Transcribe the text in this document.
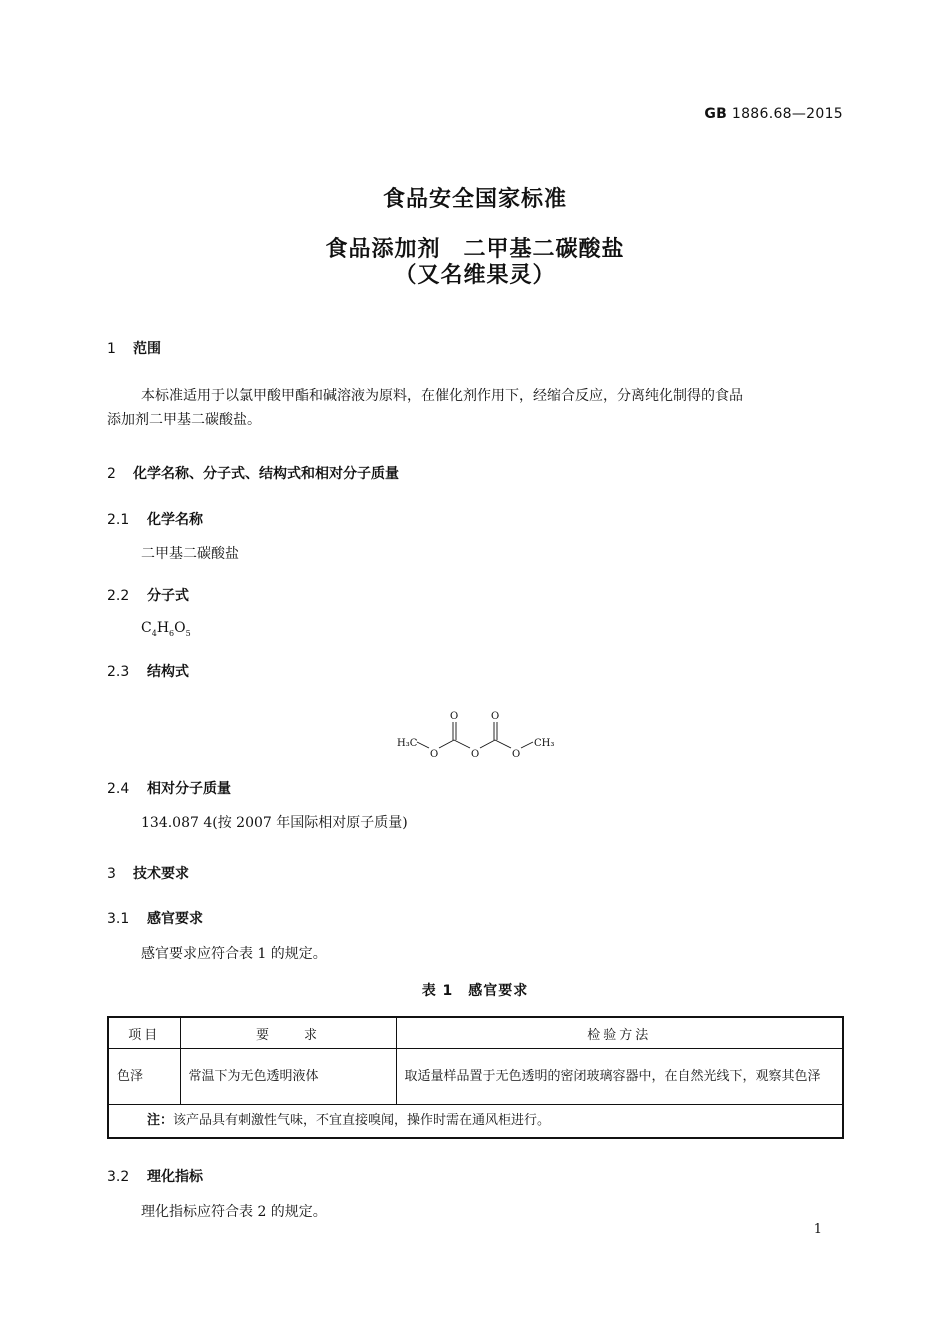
GB 1886.68—2015
食品安全国家标准
食品添加剂　二甲基二碳酸盐
（又名维果灵）
1 范围
本标准适用于以氯甲酸甲酯和碱溶液为原料，在催化剂作用下，经缩合反应，分离纯化制得的食品
添加剂二甲基二碳酸盐。
2 化学名称、分子式、结构式和相对分子质量
2.1 化学名称
二甲基二碳酸盐
2.2 分子式
$C_4H_6O_5$
2.3 结构式
H₃C
O
O
O
O
O
CH₃
2.4 相对分子质量
134.087 4(按 2007 年国际相对原子质量)
3 技术要求
3.1 感官要求
感官要求应符合表 1 的规定。
表 1　感官要求
项目	要　　求	检验方法
色泽	常温下为无色透明液体	取适量样品置于无色透明的密闭玻璃容器中，在自然光线下，观察其色泽
注：该产品具有刺激性气味，不宜直接嗅闻，操作时需在通风柜进行。		
3.2 理化指标
理化指标应符合表 2 的规定。
1
